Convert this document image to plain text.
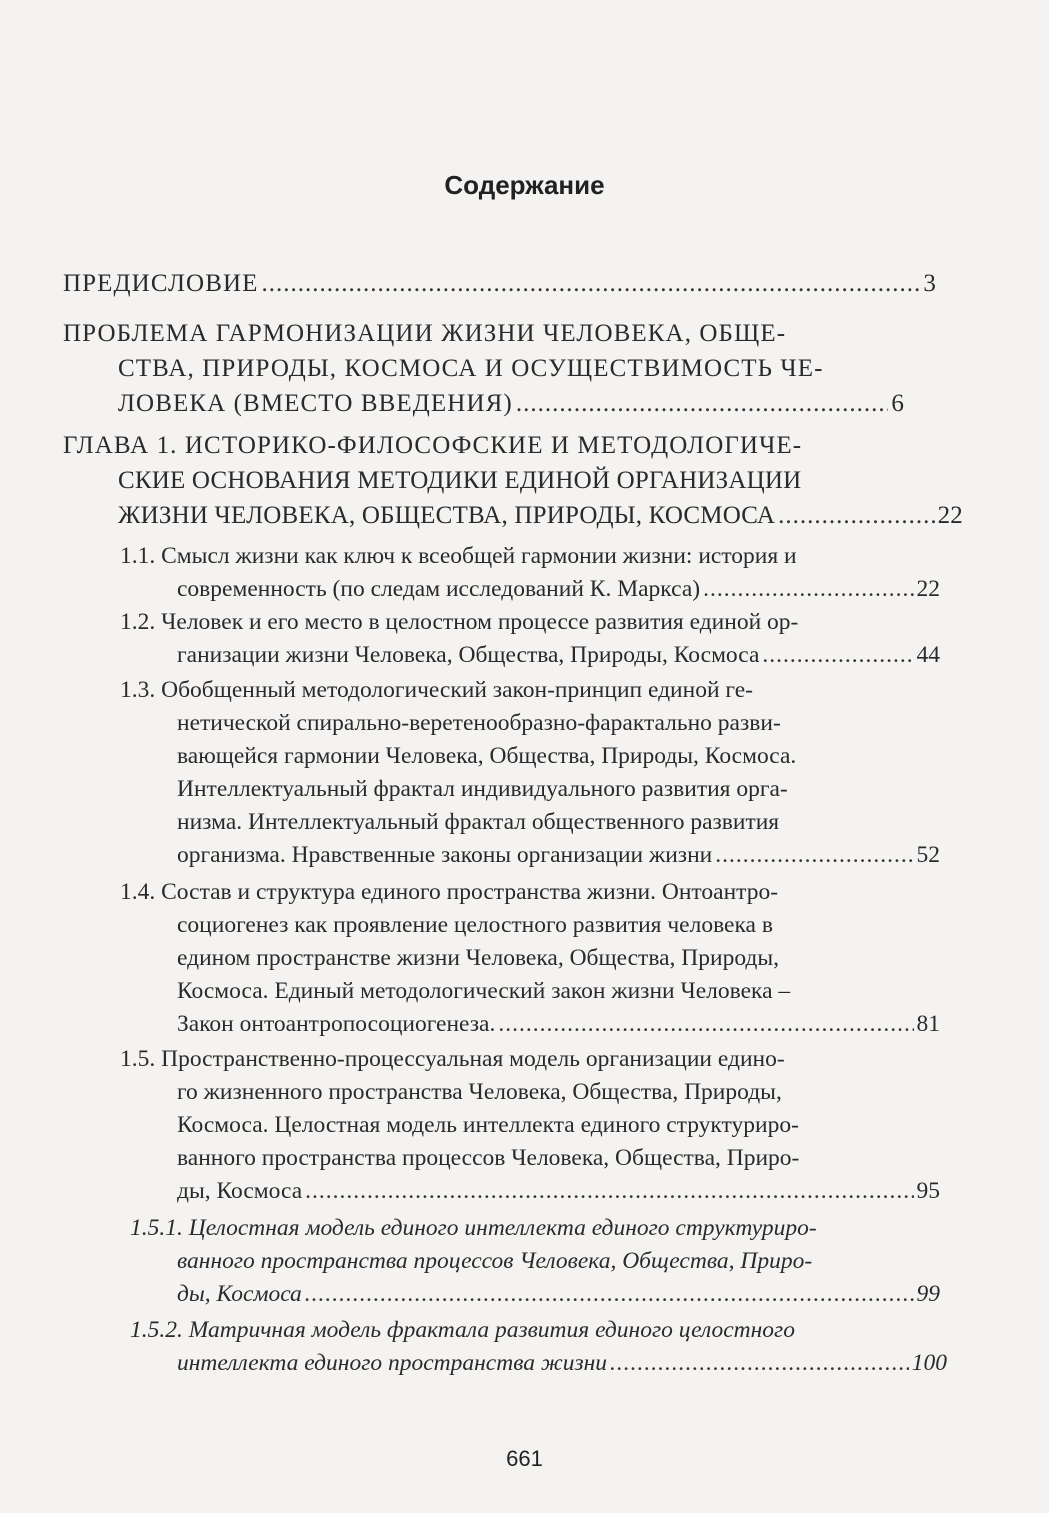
Содержание
ПРЕДИСЛОВИЕ .....	3
ПРОБЛЕМА ГАРМОНИЗАЦИИ ЖИЗНИ ЧЕЛОВЕКА, ОБЩЕ-
СТВА, ПРИРОДЫ, КОСМОСА И ОСУЩЕСТВИМОСТЬ ЧЕ-
ЛОВЕКА (ВМЕСТО ВВЕДЕНИЯ) .....	6
ГЛАВА 1. ИСТОРИКО-ФИЛОСОФСКИЕ И МЕТОДОЛОГИЧЕ-
СКИЕ ОСНОВАНИЯ МЕТОДИКИ ЕДИНОЙ ОРГАНИЗАЦИИ
ЖИЗНИ ЧЕЛОВЕКА, ОБЩЕСТВА, ПРИРОДЫ, КОСМОСА .....	22
1.1. Смысл жизни как ключ к всеобщей гармонии жизни: история и
современность (по следам исследований К. Маркса) .....	22
1.2. Человек и его место в целостном процессе развития единой ор-
ганизации жизни Человека, Общества, Природы, Космоса .....	44
1.3. Обобщенный методологический закон-принцип единой ге-
нетической спирально-веретенообразно-фарактально разви-
вающейся гармонии Человека, Общества, Природы, Космоса.
Интеллектуальный фрактал индивидуального развития орга-
низма. Интеллектуальный фрактал общественного развития
организма. Нравственные законы организации жизни .....	52
1.4. Состав и структура единого пространства жизни. Онтоантро-
социогенез как проявление целостного развития человека в
едином пространстве жизни Человека, Общества, Природы,
Космоса. Единый методологический закон жизни Человека –
Закон онтоантропосоциогенеза. .....	81
1.5. Пространственно-процессуальная модель организации едино-
го жизненного пространства Человека, Общества, Природы,
Космоса. Целостная модель интеллекта единого структуриро-
ванного пространства процессов Человека, Общества, Приро-
ды, Космоса .....	95
1.5.1. Целостная модель единого интеллекта единого структуриро-
ванного пространства процессов Человека, Общества, Приро-
ды, Космоса .....	99
1.5.2. Матричная модель фрактала развития единого целостного
интеллекта единого пространства жизни .....	100
661
